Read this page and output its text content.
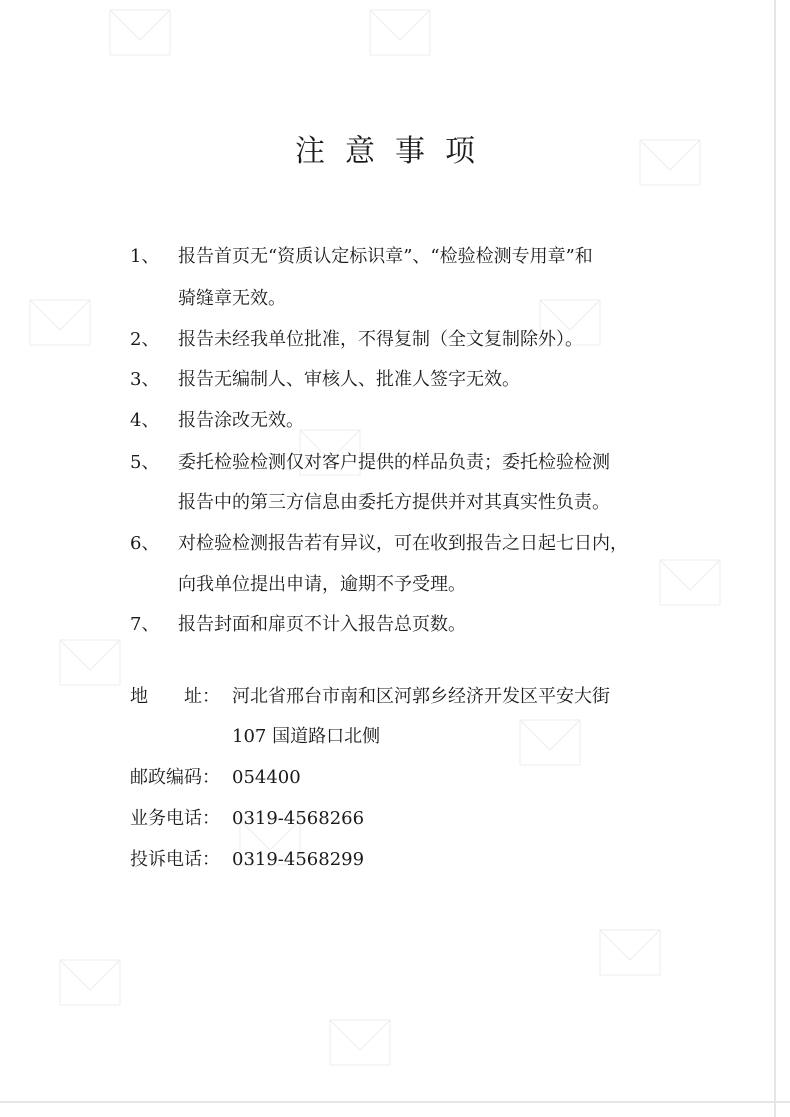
注意事项
1、 报告首页无“资质认定标识章”、“检验检测专用章”和
骑缝章无效。
2、 报告未经我单位批准，不得复制（全文复制除外）。
3、 报告无编制人、审核人、批准人签字无效。
4、 报告涂改无效。
5、 委托检验检测仅对客户提供的样品负责；委托检验检测
报告中的第三方信息由委托方提供并对其真实性负责。
6、 对检验检测报告若有异议，可在收到报告之日起七日内，
向我单位提出申请，逾期不予受理。
7、 报告封面和扉页不计入报告总页数。
地　　址： 河北省邢台市南和区河郭乡经济开发区平安大街
107 国道路口北侧
邮政编码： 054400
业务电话： 0319-4568266
投诉电话： 0319-4568299
